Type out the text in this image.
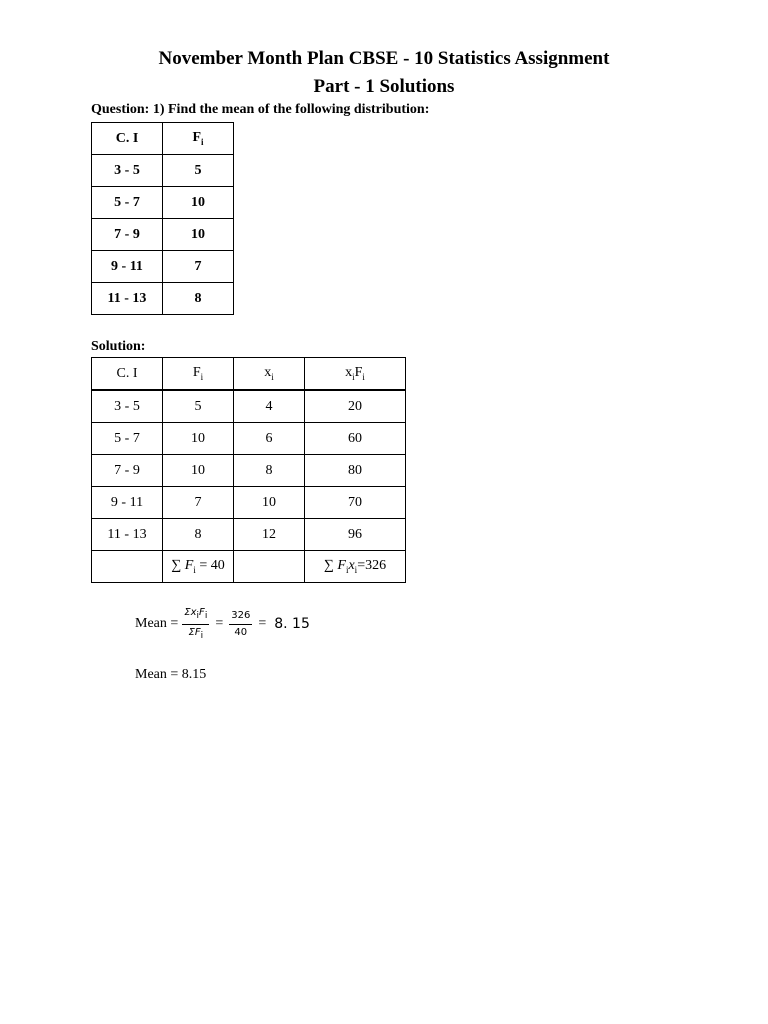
November Month Plan CBSE - 10 Statistics Assignment
Part - 1 Solutions
Question: 1) Find the mean of the following distribution:
C. I	$F_i$
3 - 5	5
5 - 7	10
7 - 9	10
9 - 11	7
11 - 13	8
Solution:
C. I	$F_i$	$x_i$	$x_iF_i$
3 - 5	5	4	20
5 - 7	10	6	60
7 - 9	10	8	80
9 - 11	7	10	70
11 - 13	8	12	96
	∑ $F_i = 40$		∑ $F_ix_i=326$
Mean = $\frac{\Sigma x_iF_i}{\Sigma F_i} = \frac{326}{40} = 8$. 15
Mean = 8.15
